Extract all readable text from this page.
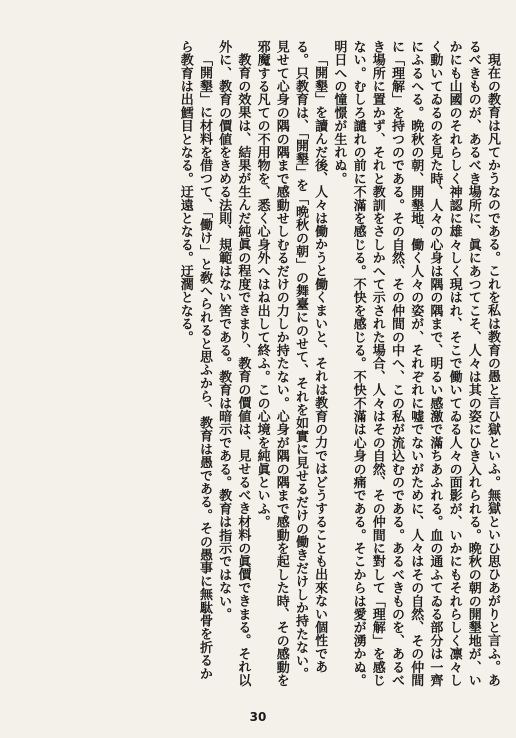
現在の教育は凡てかうなのである。これを私は教育の愚と言ひ獄といふ。無獄といひ思ひあがりと言ふ。あるべきものが、あるべき場所に、眞にあつてこそ、人々は其の姿にひき入れられる。晩秋の朝の開墾地が、いかにも山國のそれらしく神認に雄々しく現はれ、そこで働いてゐる人々の面影が、いかにもそれらしく凛々しく動いてゐるのを見た時、人々の心身は隅の隅まで、明るい感激で滿ちあふれる。血の通ふてゐる部分は一齊にふるへる。晩秋の朝、開墾地、働く人々の姿が、それぞれに嘘でないがために、人々はその自然、その仲間に「理解」を持つのである。その自然、その仲間の中へ、この私が流込むのである。あるべきものを、あるべき場所に置かず、それと教訓をさしかへて示された場合、人々はその自然、その仲間に對して「理解」を感じない。むしろ譴れの前に不滿を感じる。不快を感じる。不快不滿は心身の痛である。そこからは愛が湧かぬ。明日への憧憬が生れぬ。

「開墾」を讀んだ後、人々は働かうと働くまいと、それは教育の力ではどうすることも出來ない個性である。只教育は、「開墾」を「晩秋の朝」の舞臺にのせて、それを如實に見せるだけの働きだけしか持たない。見せて心身の隅の隅まで感動せしむるだけの力しか持たない。心身が隅の隅まで感動を起した時、その感動を邪魔する凡ての不用物を、悉く心身外へはね出して終ふ。この心境を純眞といふ。

教育の效果は、結果が生んだ純眞の程度できまり、教育の價値は、見せるべき材料の眞價できまる。それ以外に、教育の價値をきめる法則、規範はない筈である。教育は暗示である。教育は指示ではない。

「開墾」に材料を借つて、「働け」と敎へられると思ふから、教育は愚である。その愚事に無駄骨を折るから教育は出鱈目となる。迂遠となる。迂濶となる。

30
